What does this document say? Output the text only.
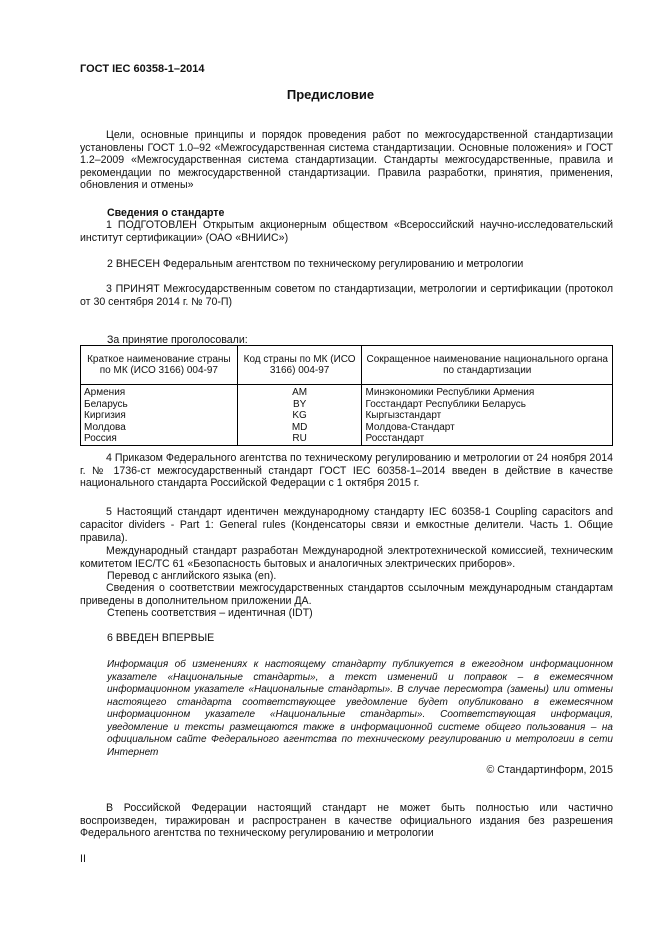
ГОСТ IEC 60358-1–2014
Предисловие

Цели, основные принципы и порядок проведения работ по межгосударственной стандартизации установлены ГОСТ 1.0–92 «Межгосударственная система стандартизации. Основные положения» и ГОСТ 1.2–2009 «Межгосударственная система стандартизации. Стандарты межгосударственные, правила и рекомендации по межгосударственной стандартизации. Правила разработки, принятия, применения, обновления и отмены»

Сведения о стандарте

1 ПОДГОТОВЛЕН Открытым акционерным обществом «Всероссийский научно-исследовательский институт сертификации» (ОАО «ВНИИС»)

2 ВНЕСЕН Федеральным агентством по техническому регулированию и метрологии

3 ПРИНЯТ Межгосударственным советом по стандартизации, метрологии и сертификации (протокол от 30 сентября 2014 г. № 70-П)

За принятие проголосовали:
Краткое наименование страны по МК (ИСО 3166) 004-97	Код страны по МК (ИСО 3166) 004-97	Сокращенное наименование национального органа по стандартизации
Армения	AM	Минэкономики Республики Армения
Беларусь	BY	Госстандарт Республики Беларусь
Киргизия	KG	Кыргызстандарт
Молдова	MD	Молдова-Стандарт
Россия	RU	Росстандарт

4 Приказом Федерального агентства по техническому регулированию и метрологии от 24 ноября 2014 г. № 1736-ст межгосударственный стандарт ГОСТ IEC 60358-1–2014 введен в действие в качестве национального стандарта Российской Федерации с 1 октября 2015 г.

5 Настоящий стандарт идентичен международному стандарту IEC 60358-1 Coupling capacitors and capacitor dividers - Part 1: General rules (Конденсаторы связи и емкостные делители. Часть 1. Общие правила).

Международный стандарт разработан Международной электротехнической комиссией, техническим комитетом IEC/TC 61 «Безопасность бытовых и аналогичных электрических приборов».

Перевод с английского языка (en).

Сведения о соответствии межгосударственных стандартов ссылочным международным стандартам приведены в дополнительном приложении ДА.

Степень соответствия – идентичная (IDT)

6 ВВЕДЕН ВПЕРВЫЕ

Информация об изменениях к настоящему стандарту публикуется в ежегодном информационном указателе «Национальные стандарты», а текст изменений и поправок – в ежемесячном информационном указателе «Национальные стандарты». В случае пересмотра (замены) или отмены настоящего стандарта соответствующее уведомление будет опубликовано в ежемесячном информационном указателе «Национальные стандарты». Соответствующая информация, уведомление и тексты размещаются также в информационной системе общего пользования – на официальном сайте Федерального агентства по техническому регулированию и метрологии в сети Интернет

© Стандартинформ, 2015

В Российской Федерации настоящий стандарт не может быть полностью или частично воспроизведен, тиражирован и распространен в качестве официального издания без разрешения Федерального агентства по техническому регулированию и метрологии

II
